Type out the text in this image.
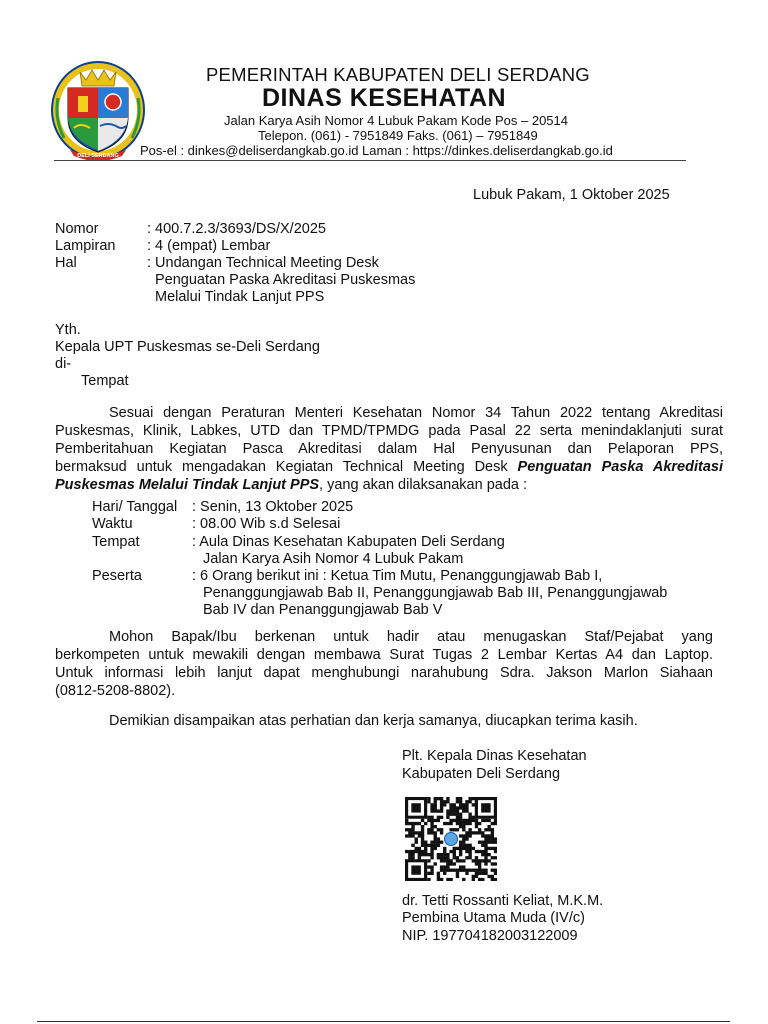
DELI SERDANG
PEMERINTAH KABUPATEN DELI SERDANG
DINAS KESEHATAN
Jalan Karya Asih Nomor 4 Lubuk Pakam Kode Pos – 20514
Telepon. (061) - 7951849 Faks. (061) – 7951849
Pos-el : dinkes@deliserdangkab.go.id Laman : https://dinkes.deliserdangkab.go.id
Lubuk Pakam, 1 Oktober 2025
Nomor	: 400.7.2.3/3693/DS/X/2025
Lampiran : 4 (empat) Lembar
Hal	: Undangan Technical Meeting Desk
Penguatan Paska Akreditasi Puskesmas
Melalui Tindak Lanjut PPS
Yth.
Kepala UPT Puskesmas se-Deli Serdang
di-
Tempat
Sesuai dengan Peraturan Menteri Kesehatan Nomor 34 Tahun 2022 tentang Akreditasi
Puskesmas, Klinik, Labkes, UTD dan TPMD/TPMDG pada Pasal 22 serta menindaklanjuti surat
Pemberitahuan Kegiatan Pasca Akreditasi dalam Hal Penyusunan dan Pelaporan PPS,
bermaksud untuk mengadakan Kegiatan Technical Meeting Desk Penguatan Paska Akreditasi
Puskesmas Melalui Tindak Lanjut PPS, yang akan dilaksanakan pada :
Hari/ Tanggal : Senin, 13 Oktober 2025
Waktu	: 08.00 Wib s.d Selesai
Tempat	: Aula Dinas Kesehatan Kabupaten Deli Serdang
Jalan Karya Asih Nomor 4 Lubuk Pakam
Peserta	: 6 Orang berikut ini : Ketua Tim Mutu, Penanggungjawab Bab I,
Penanggungjawab Bab II, Penanggungjawab Bab III, Penanggungjawab
Bab IV dan Penanggungjawab Bab V
Mohon Bapak/Ibu berkenan untuk hadir atau menugaskan Staf/Pejabat yang
berkompeten untuk mewakili dengan membawa Surat Tugas 2 Lembar Kertas A4 dan Laptop.
Untuk informasi lebih lanjut dapat menghubungi narahubung Sdra. Jakson Marlon Siahaan
(0812-5208-8802).
Demikian disampaikan atas perhatian dan kerja samanya, diucapkan terima kasih.
Plt. Kepala Dinas Kesehatan
Kabupaten Deli Serdang
dr. Tetti Rossanti Keliat, M.K.M.
Pembina Utama Muda (IV/c)
NIP. 197704182003122009
